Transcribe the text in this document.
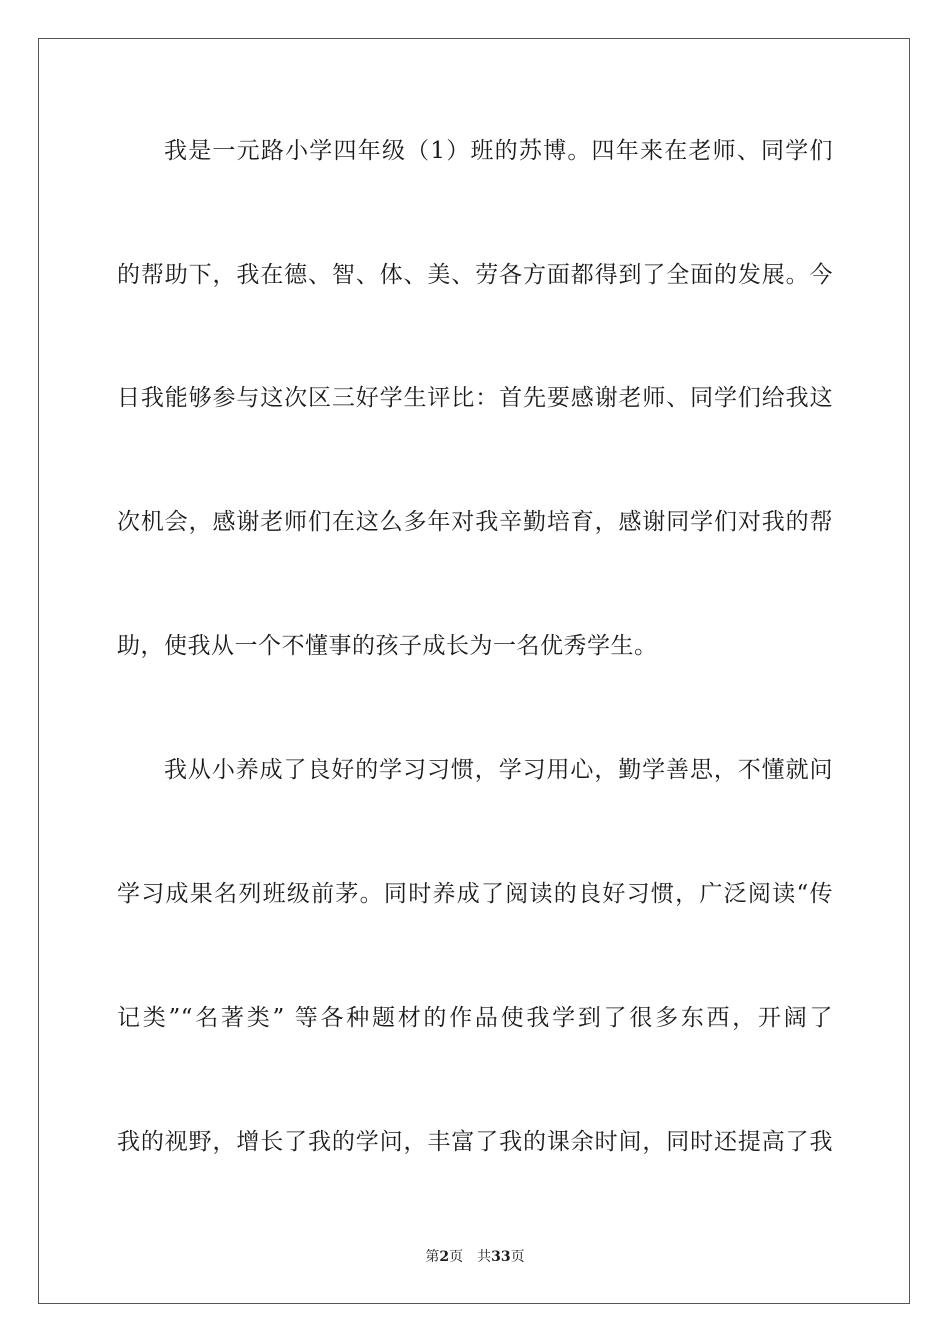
我是一元路小学四年级（1）班的苏博。四年来在老师、同学们
的帮助下，我在德、智、体、美、劳各方面都得到了全面的发展。今
日我能够参与这次区三好学生评比：首先要感谢老师、同学们给我这
次机会，感谢老师们在这么多年对我辛勤培育，感谢同学们对我的帮
助，使我从一个不懂事的孩子成长为一名优秀学生。
我从小养成了良好的学习习惯，学习用心，勤学善思，不懂就问
学习成果名列班级前茅。同时养成了阅读的良好习惯，广泛阅读“传
记类”“名著类” 等各种题材的作品使我学到了很多东西，开阔了
我的视野，增长了我的学问，丰富了我的课余时间，同时还提高了我
第2页 共33页
